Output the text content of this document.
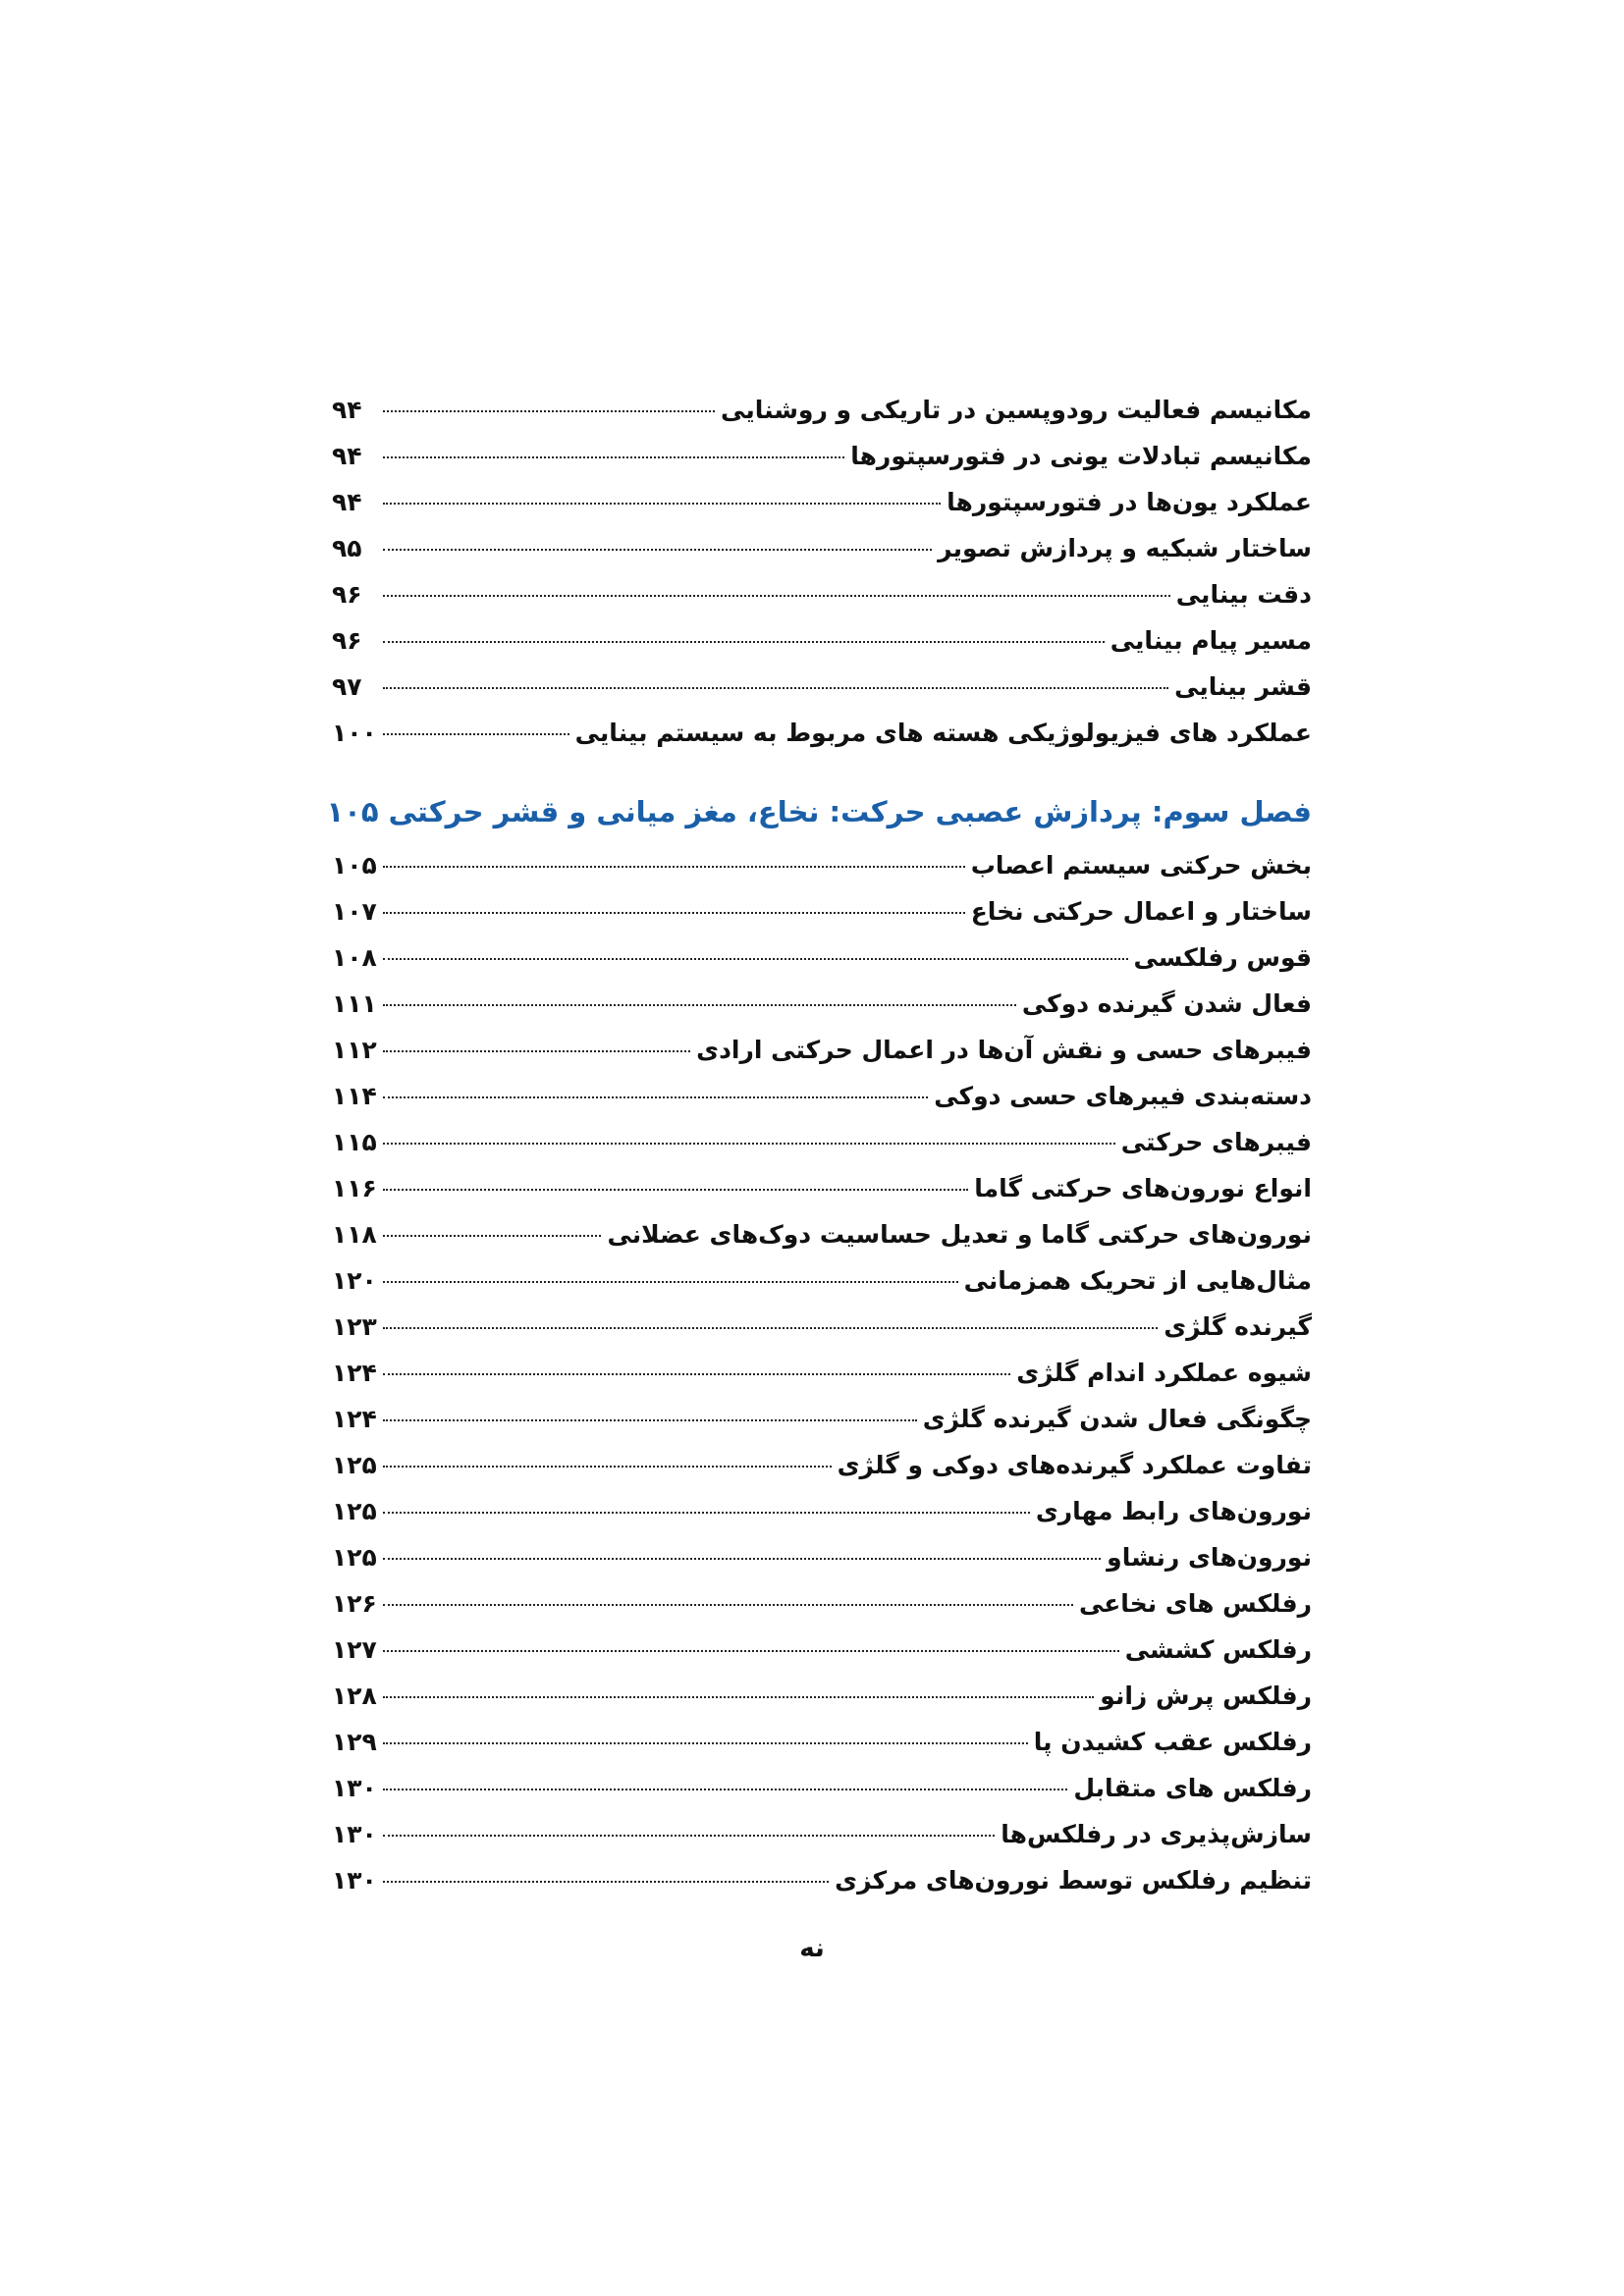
مکانیسم فعالیت رودوپسین در تاریکی و روشنایی
۹۴
مکانیسم تبادلات یونی در فتورسپتورها
۹۴
عملکرد یون‌ها در فتورسپتورها
۹۴
ساختار شبکیه و پردازش تصویر
۹۵
دقت بینایی
۹۶
مسیر پیام بینایی
۹۶
قشر بینایی
۹۷
عملکرد های فیزیولوژیکی هسته های مربوط به سیستم بینایی
۱۰۰
فصل سوم: پردازش عصبی حرکت: نخاع، مغز میانی و قشر حرکتی
۱۰۵
بخش حرکتی سیستم اعصاب
۱۰۵
ساختار و اعمال حرکتی نخاع
۱۰۷
قوس رفلکسی
۱۰۸
فعال شدن گیرنده دوکی
۱۱۱
فیبرهای حسی و نقش آن‌ها در اعمال حرکتی ارادی
۱۱۲
دسته‌بندی فیبرهای حسی دوکی
۱۱۴
فیبرهای حرکتی
۱۱۵
انواع نورون‌های حرکتی گاما
۱۱۶
نورون‌های حرکتی گاما و تعدیل حساسیت دوک‌های عضلانی
۱۱۸
مثال‌هایی از تحریک همزمانی
۱۲۰
گیرنده گلژی
۱۲۳
شیوه عملکرد اندام گلژی
۱۲۴
چگونگی فعال شدن گیرنده گلژی
۱۲۴
تفاوت عملکرد گیرنده‌های دوکی و گلژی
۱۲۵
نورون‌های رابط مهاری
۱۲۵
نورون‌های رنشاو
۱۲۵
رفلکس های نخاعی
۱۲۶
رفلکس کششی
۱۲۷
رفلکس پرش زانو
۱۲۸
رفلکس عقب کشیدن پا
۱۲۹
رفلکس های متقابل
۱۳۰
سازش‌پذیری در رفلکس‌ها
۱۳۰
تنظیم رفلکس توسط نورون‌های مرکزی
۱۳۰
نه
